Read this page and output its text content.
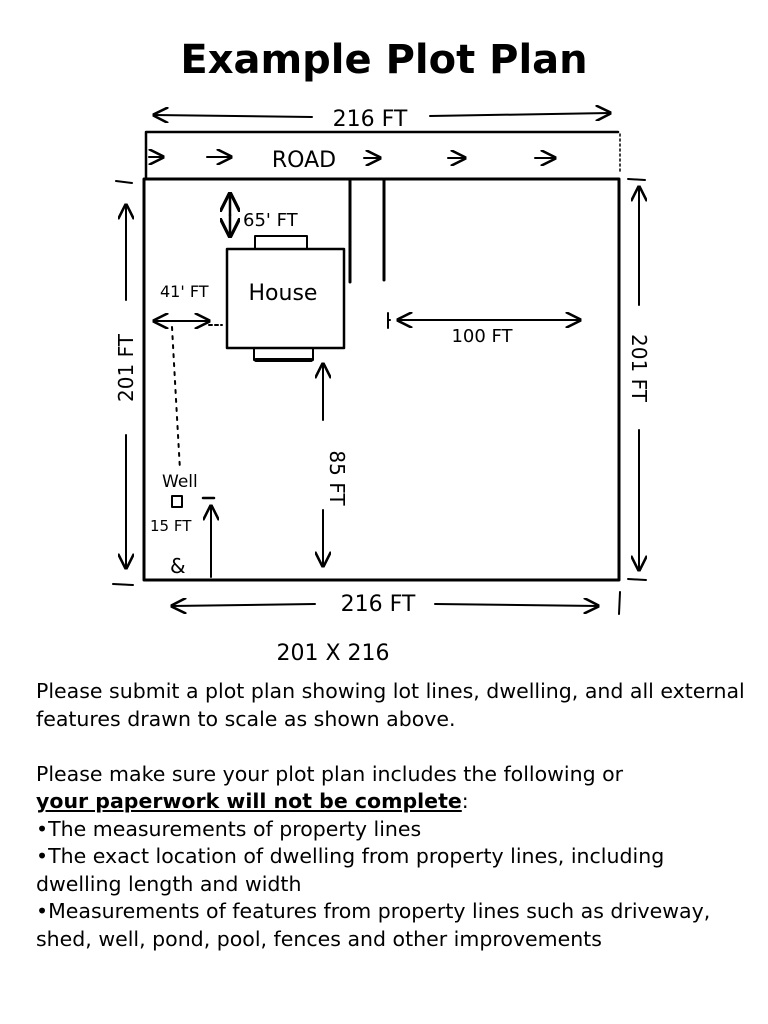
Example Plot Plan
216 FT
ROAD
House
65' FT
41' FT
100 FT
85 FT
201 FT	201 FT
Well
15 FT
&
216 FT
201 X 216

Please submit a plot plan showing lot lines, dwelling, and all external features drawn to scale as shown above.

Please make sure your plot plan includes the following or
your paperwork will not be complete:

•The measurements of property lines

•The exact location of dwelling from property lines, including dwelling length and width

•Measurements of features from property lines such as driveway, shed, well, pond, pool, fences and other improvements
